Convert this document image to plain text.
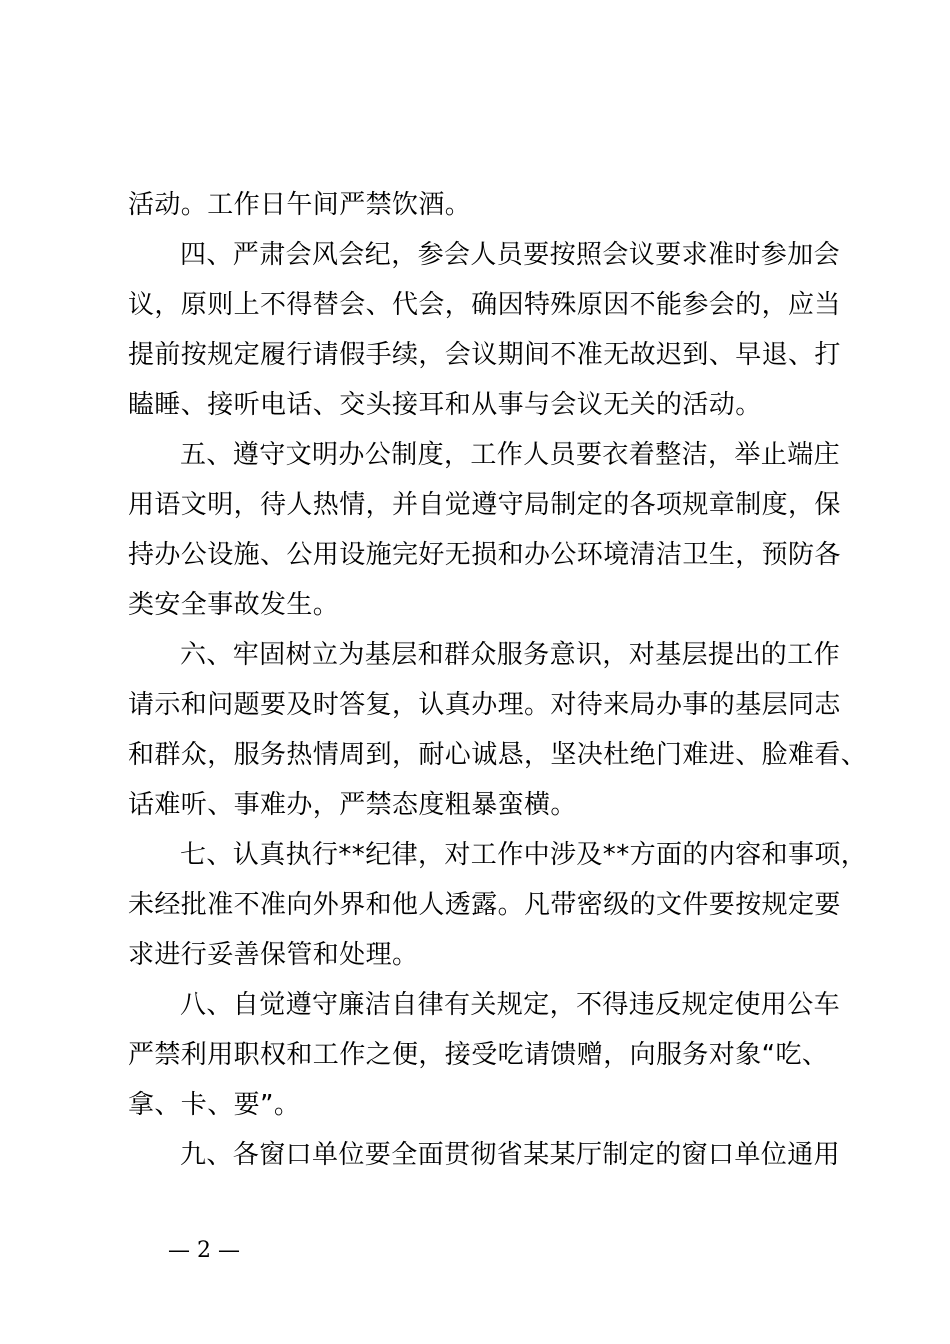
活动。工作日午间严禁饮酒。
四、严肃会风会纪，参会人员要按照会议要求准时参加会
议，原则上不得替会、代会，确因特殊原因不能参会的，应当
提前按规定履行请假手续，会议期间不准无故迟到、早退、打
瞌睡、接听电话、交头接耳和从事与会议无关的活动。
五、遵守文明办公制度，工作人员要衣着整洁，举止端庄
用语文明，待人热情，并自觉遵守局制定的各项规章制度，保
持办公设施、公用设施完好无损和办公环境清洁卫生，预防各
类安全事故发生。
六、牢固树立为基层和群众服务意识，对基层提出的工作
请示和问题要及时答复，认真办理。对待来局办事的基层同志
和群众，服务热情周到，耐心诚恳，坚决杜绝门难进、脸难看、
话难听、事难办，严禁态度粗暴蛮横。
七、认真执行**纪律，对工作中涉及**方面的内容和事项，
未经批准不准向外界和他人透露。凡带密级的文件要按规定要
求进行妥善保管和处理。
八、自觉遵守廉洁自律有关规定，不得违反规定使用公车
严禁利用职权和工作之便，接受吃请馈赠，向服务对象“吃、
拿、卡、要”。
九、各窗口单位要全面贯彻省某某厅制定的窗口单位通用
— 2 —
